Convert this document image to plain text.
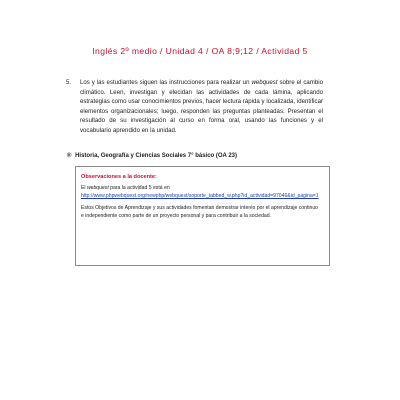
Inglés 2º medio / Unidad 4 / OA 8;9;12 / Actividad 5
5. Los y las estudiantes siguen las instrucciones para realizar un webquest sobre el cambio climático. Leen, investigan y elecidan las actividades de cada lámina, aplicando estrategias como usar conocimientos previos, hacer lectura rápida y localizada, identificar elementos organizacionales; luego, responden las preguntas planteadas. Presentan el resultado de su investigación al curso en forma oral, usando las funciones y el vocabulario aprendido en la unidad.
® Historia, Geografía y Ciencias Sociales 7° básico (OA 23)
Observaciones a la docente:
El webquest para la actividad 5 está en
http://www.phpwebquest.org/newphp/webquest/soporte_tabbed_w.php?id_actividad=97046&id_pagina=1
Estos Objetivos de Aprendizaje y sus actividades fomentan demostrar interés por el aprendizaje continuo e independiente como parte de un proyecto personal y para contribuir a la sociedad.
